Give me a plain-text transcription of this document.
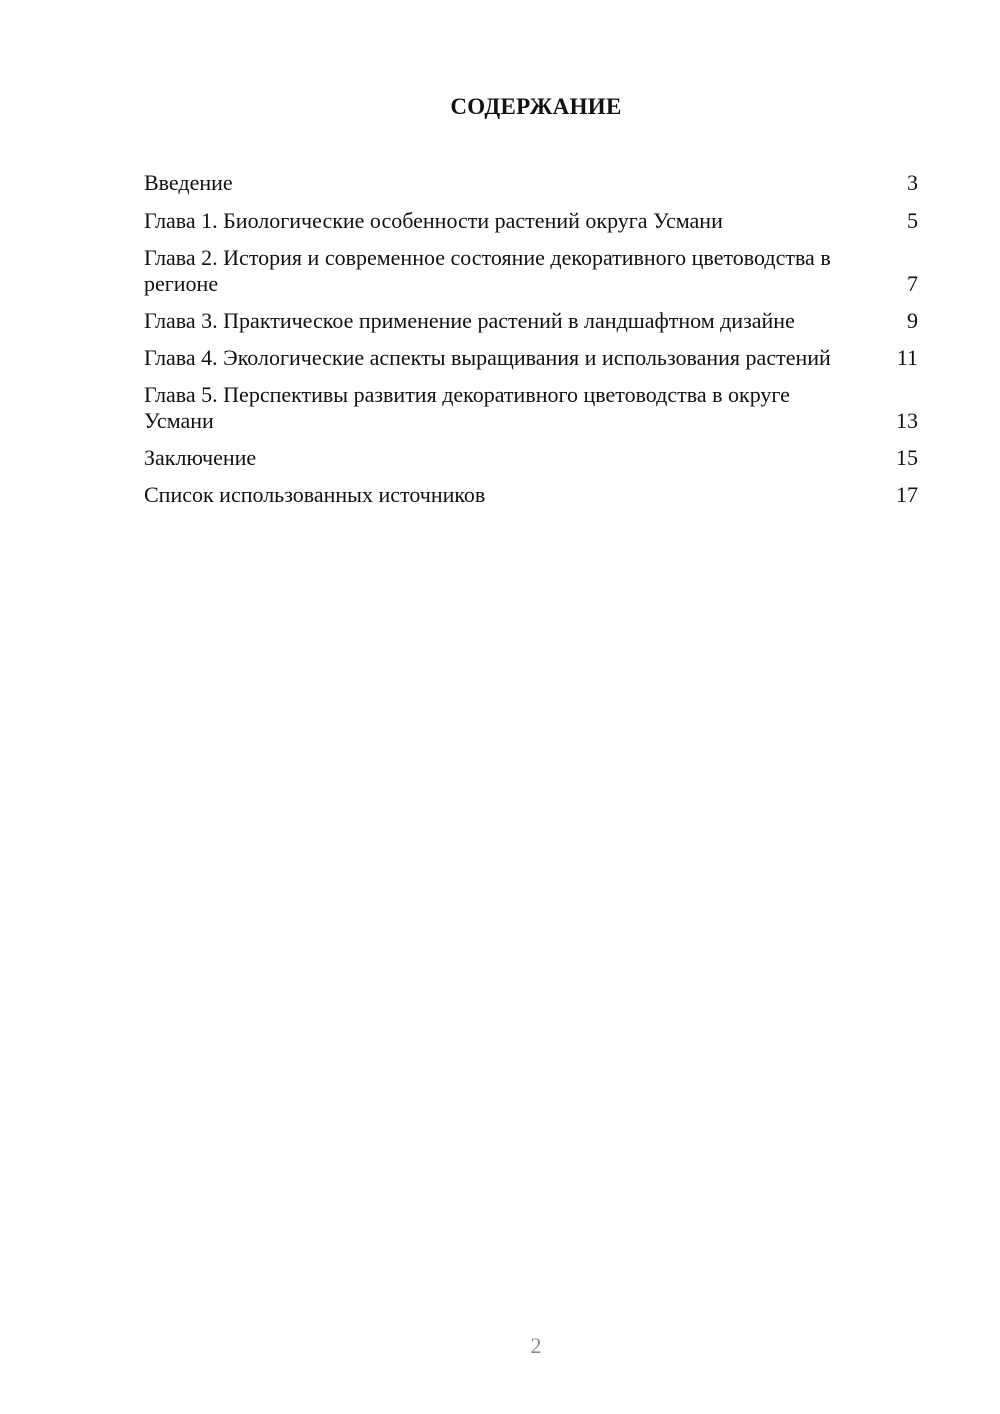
СОДЕРЖАНИЕ
Введение	3
Глава 1. Биологические особенности растений округа Усмани	5
Глава 2. История и современное состояние декоративного цветоводства в регионе	7
Глава 3. Практическое применение растений в ландшафтном дизайне	9
Глава 4. Экологические аспекты выращивания и использования растений	11
Глава 5. Перспективы развития декоративного цветоводства в округе Усмани	13
Заключение	15
Список использованных источников	17
2
